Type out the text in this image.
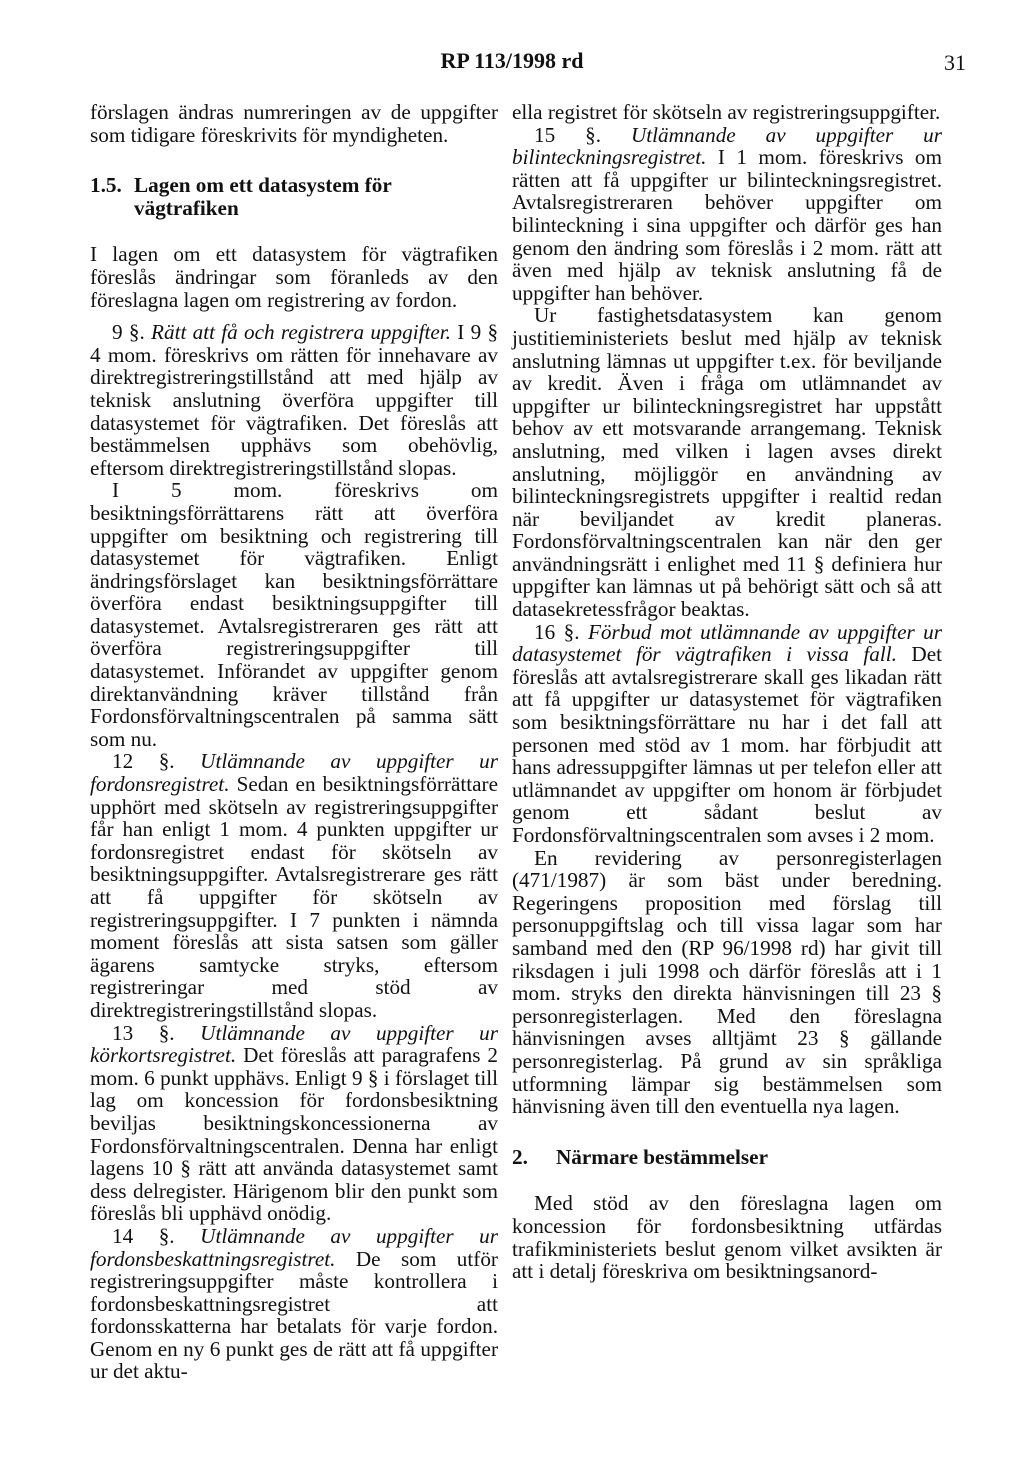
RP 113/1998 rd	31

förslagen ändras numreringen av de uppgifter som tidigare föreskrivits för myndigheten.

1.5. Lagen om ett datasystem för vägtrafiken

I lagen om ett datasystem för vägtrafiken föreslås ändringar som föranleds av den föreslagna lagen om registrering av fordon.

9 §. Rätt att få och registrera uppgifter. I 9 § 4 mom. föreskrivs om rätten för innehavare av direktregistreringstillstånd att med hjälp av teknisk anslutning överföra uppgifter till datasystemet för vägtrafiken. Det föreslås att bestämmelsen upphävs som obehövlig, eftersom direktregistreringstillstånd slopas.

I 5 mom. föreskrivs om besiktningsförrättarens rätt att överföra uppgifter om besiktning och registrering till datasystemet för vägtrafiken. Enligt ändringsförslaget kan besiktningsförrättare överföra endast besiktningsuppgifter till datasystemet. Avtalsregistreraren ges rätt att överföra registreringsuppgifter till datasystemet. Införandet av uppgifter genom direktanvändning kräver tillstånd från Fordonsförvaltningscentralen på samma sätt som nu.

12 §. Utlämnande av uppgifter ur fordonsregistret. Sedan en besiktningsförrättare upphört med skötseln av registreringsuppgifter får han enligt 1 mom. 4 punkten uppgifter ur fordonsregistret endast för skötseln av besiktningsuppgifter. Avtalsregistrerare ges rätt att få uppgifter för skötseln av registreringsuppgifter. I 7 punkten i nämnda moment föreslås att sista satsen som gäller ägarens samtycke stryks, eftersom registreringar med stöd av direktregistreringstillstånd slopas.

13 §. Utlämnande av uppgifter ur körkortsregistret. Det föreslås att paragrafens 2 mom. 6 punkt upphävs. Enligt 9 § i förslaget till lag om koncession för fordonsbesiktning beviljas besiktningskoncessionerna av Fordonsförvaltningscentralen. Denna har enligt lagens 10 § rätt att använda datasystemet samt dess delregister. Härigenom blir den punkt som föreslås bli upphävd onödig.

14 §. Utlämnande av uppgifter ur fordonsbeskattningsregistret. De som utför registreringsuppgifter måste kontrollera i fordonsbeskattningsregistret att fordonsskatterna har betalats för varje fordon. Genom en ny 6 punkt ges de rätt att få uppgifter ur det aktu-

ella registret för skötseln av registreringsuppgifter.

15 §. Utlämnande av uppgifter ur bilinteckningsregistret. I 1 mom. föreskrivs om rätten att få uppgifter ur bilinteckningsregistret. Avtalsregistreraren behöver uppgifter om bilinteckning i sina uppgifter och därför ges han genom den ändring som föreslås i 2 mom. rätt att även med hjälp av teknisk anslutning få de uppgifter han behöver.

Ur fastighetsdatasystem kan genom justitieministeriets beslut med hjälp av teknisk anslutning lämnas ut uppgifter t.ex. för beviljande av kredit. Även i fråga om utlämnandet av uppgifter ur bilinteckningsregistret har uppstått behov av ett motsvarande arrangemang. Teknisk anslutning, med vilken i lagen avses direkt anslutning, möjliggör en användning av bilinteckningsregistrets uppgifter i realtid redan när beviljandet av kredit planeras. Fordonsförvaltningscentralen kan när den ger användningsrätt i enlighet med 11 § definiera hur uppgifter kan lämnas ut på behörigt sätt och så att datasekretessfrågor beaktas.

16 §. Förbud mot utlämnande av uppgifter ur datasystemet för vägtrafiken i vissa fall. Det föreslås att avtalsregistrerare skall ges likadan rätt att få uppgifter ur datasystemet för vägtrafiken som besiktningsförrättare nu har i det fall att personen med stöd av 1 mom. har förbjudit att hans adressuppgifter lämnas ut per telefon eller att utlämnandet av uppgifter om honom är förbjudet genom ett sådant beslut av Fordonsförvaltningscentralen som avses i 2 mom.

En revidering av personregisterlagen (471/1987) är som bäst under beredning. Regeringens proposition med förslag till personuppgiftslag och till vissa lagar som har samband med den (RP 96/1998 rd) har givit till riksdagen i juli 1998 och därför föreslås att i 1 mom. stryks den direkta hänvisningen till 23 § personregisterlagen. Med den föreslagna hänvisningen avses alltjämt 23 § gällande personregisterlag. På grund av sin språkliga utformning lämpar sig bestämmelsen som hänvisning även till den eventuella nya lagen.

2.	Närmare bestämmelser

Med stöd av den föreslagna lagen om koncession för fordonsbesiktning utfärdas trafikministeriets beslut genom vilket avsikten är att i detalj föreskriva om besiktningsanord-
